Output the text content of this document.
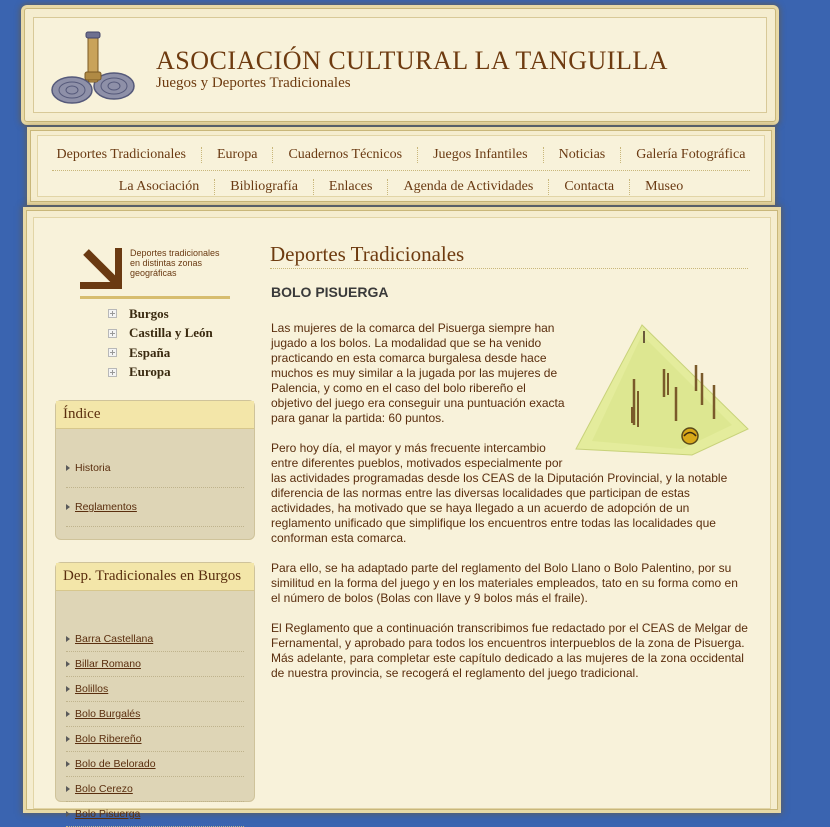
ASOCIACIÓN CULTURAL LA TANGUILLA
Juegos y Deportes Tradicionales
Deportes Tradicionales	Europa	Cuadernos Técnicos	Juegos Infantiles	Noticias	Galería Fotográfica
La Asociación	Bibliografía	Enlaces	Agenda de Actividades	Contacta	Museo
Deportes tradicionales en distintas zonas geográficas
Burgos
Castilla y León
España
Europa
Índice
Historia
Reglamentos
Dep. Tradicionales en Burgos
Barra Castellana
Billar Romano
Bolillos
Bolo Burgalés
Bolo Ribereño
Bolo de Belorado
Bolo Cerezo
Bolo Pisuerga
Deportes Tradicionales
BOLO PISUERGA

Las mujeres de la comarca del Pisuerga siempre han jugado a los bolos. La modalidad que se ha venido practicando en esta comarca burgalesa desde hace muchos es muy similar a la jugada por las mujeres de Palencia, y como en el caso del bolo ribereño el objetivo del juego era conseguir una puntuación exacta para ganar la partida: 60 puntos.

Pero hoy día, el mayor y más frecuente intercambio entre diferentes pueblos, motivados especialmente por las actividades programadas desde los CEAS de la Diputación Provincial, y la notable diferencia de las normas entre las diversas localidades que participan de estas actividades, ha motivado que se haya llegado a un acuerdo de adopción de un reglamento unificado que simplifique los encuentros entre todas las localidades que conforman esta comarca.

Para ello, se ha adaptado parte del reglamento del Bolo Llano o Bolo Palentino, por su similitud en la forma del juego y en los materiales empleados, tato en su forma como en el número de bolos (Bolas con llave y 9 bolos más el fraile).

El Reglamento que a continuación transcribimos fue redactado por el CEAS de Melgar de Fernamental, y aprobado para todos los encuentros interpueblos de la zona de Pisuerga. Más adelante, para completar este capítulo dedicado a las mujeres de la zona occidental de nuestra provincia, se recogerá el reglamento del juego tradicional.
